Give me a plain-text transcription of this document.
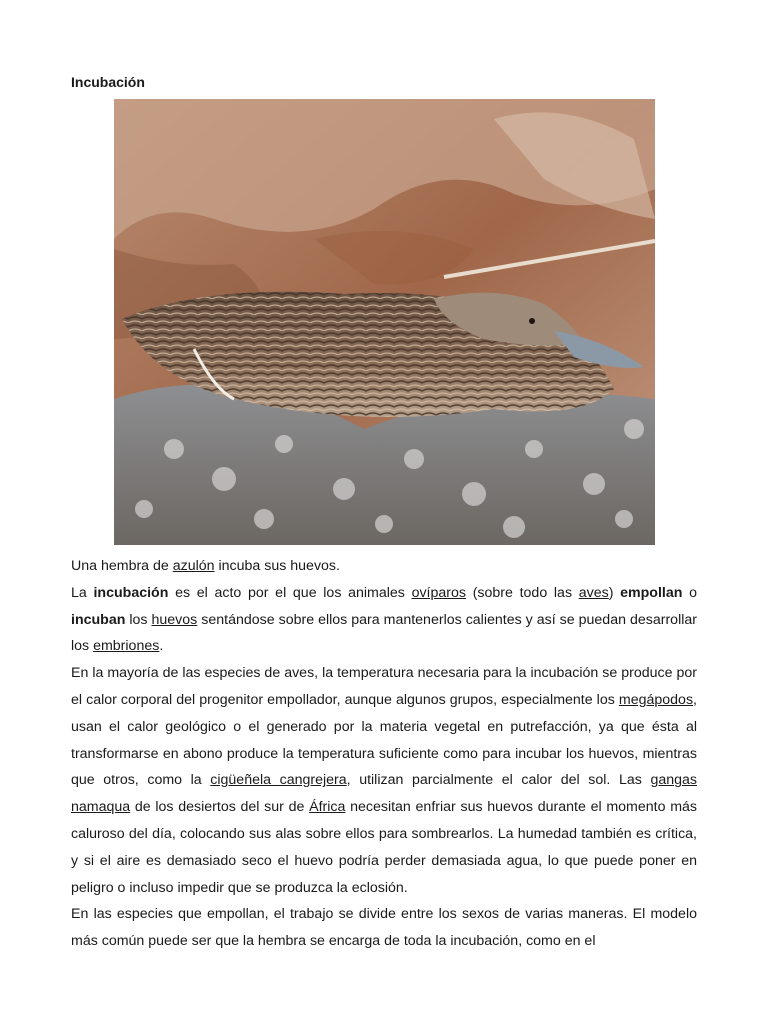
Incubación

Una hembra de azulón incuba sus huevos.

La incubación es el acto por el que los animales ovíparos (sobre todo las aves) empollan o incuban los huevos sentándose sobre ellos para mantenerlos calientes y así se puedan desarrollar los embriones.

En la mayoría de las especies de aves, la temperatura necesaria para la incubación se produce por el calor corporal del progenitor empollador, aunque algunos grupos, especialmente los megápodos, usan el calor geológico o el generado por la materia vegetal en putrefacción, ya que ésta al transformarse en abono produce la temperatura suficiente como para incubar los huevos, mientras que otros, como la cigüeñela cangrejera, utilizan parcialmente el calor del sol. Las gangas namaqua de los desiertos del sur de África necesitan enfriar sus huevos durante el momento más caluroso del día, colocando sus alas sobre ellos para sombrearlos. La humedad también es crítica, y si el aire es demasiado seco el huevo podría perder demasiada agua, lo que puede poner en peligro o incluso impedir que se produzca la eclosión.

En las especies que empollan, el trabajo se divide entre los sexos de varias maneras. El modelo más común puede ser que la hembra se encarga de toda la incubación, como en el
